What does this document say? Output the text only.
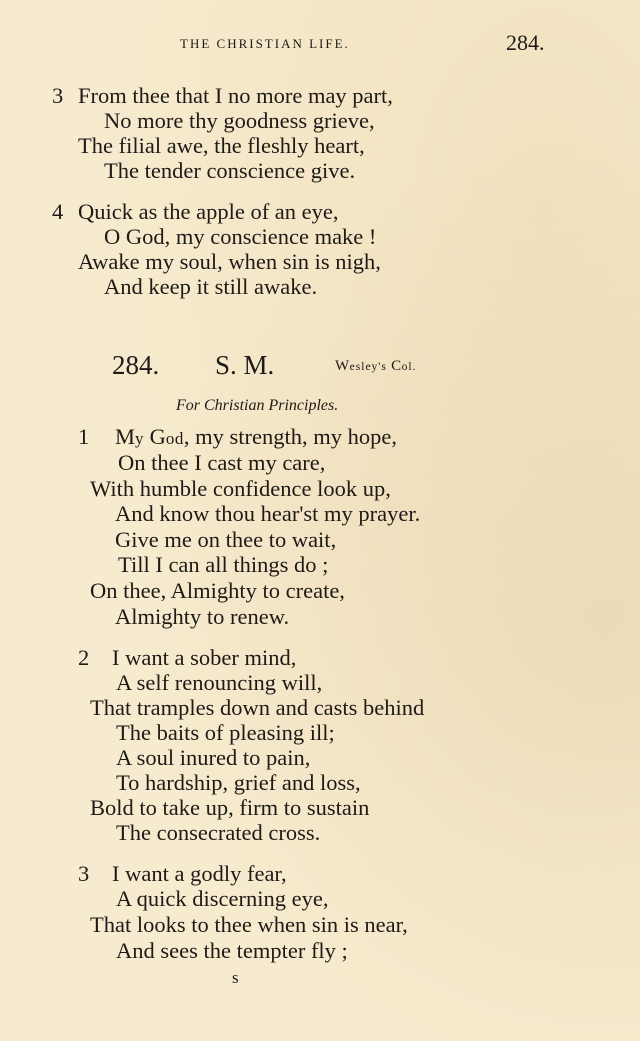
THE CHRISTIAN LIFE.	284.
3 From thee that I no more may part,
No more thy goodness grieve,
The filial awe, the fleshly heart,
The tender conscience give.
4 Quick as the apple of an eye,
O God, my conscience make !
Awake my soul, when sin is nigh,
And keep it still awake.
284. S. M.	Wesley's Col.
For Christian Principles.
1 My God, my strength, my hope,
On thee I cast my care,
With humble confidence look up,
And know thou hear'st my prayer.
Give me on thee to wait,
Till I can all things do ;
On thee, Almighty to create,
Almighty to renew.
2 I want a sober mind,
A self renouncing will,
That tramples down and casts behind
The baits of pleasing ill;
A soul inured to pain,
To hardship, grief and loss,
Bold to take up, firm to sustain
The consecrated cross.
3 I want a godly fear,
A quick discerning eye,
That looks to thee when sin is near,
And sees the tempter fly ;
s
